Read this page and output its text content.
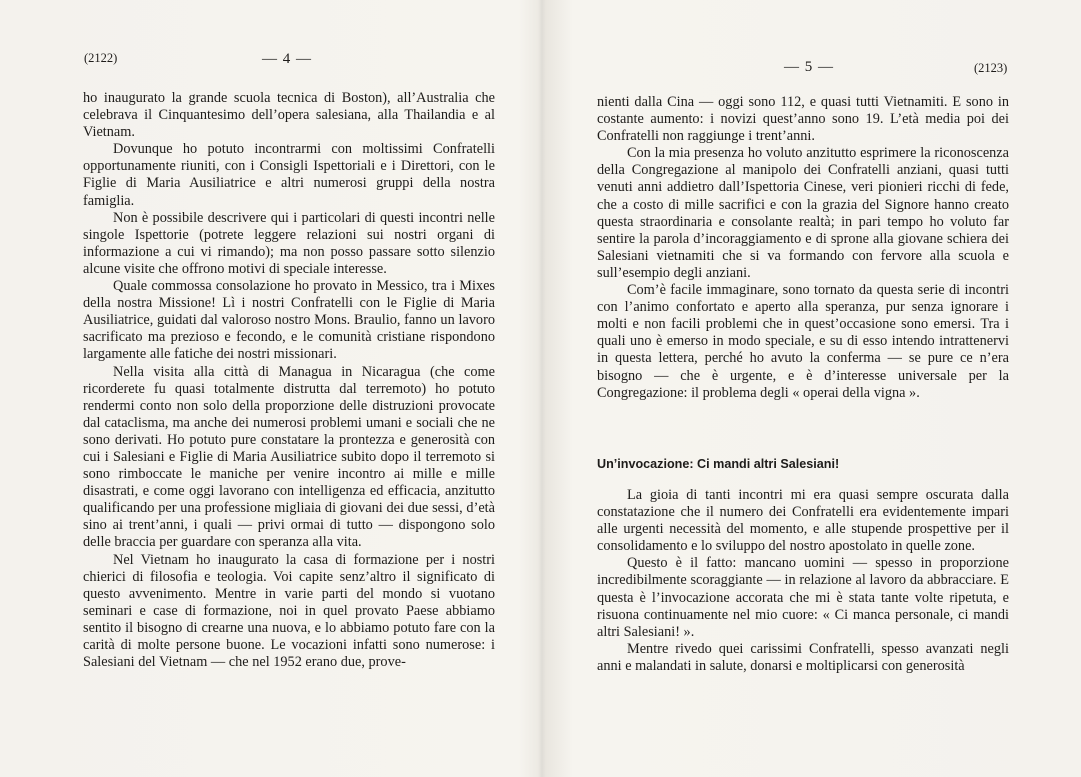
(2122)	— 4 —

ho inaugurato la grande scuola tecnica di Boston), all’Australia che celebrava il Cinquantesimo dell’opera salesiana, alla Thailandia e al Vietnam.

Dovunque ho potuto incontrarmi con moltissimi Confratelli opportunamente riuniti, con i Consigli Ispettoriali e i Direttori, con le Figlie di Maria Ausiliatrice e altri numerosi gruppi della nostra famiglia.

Non è possibile descrivere qui i particolari di questi incontri nelle singole Ispettorie (potrete leggere relazioni sui nostri organi di informazione a cui vi rimando); ma non posso passare sotto silenzio alcune visite che offrono motivi di speciale interesse.

Quale commossa consolazione ho provato in Messico, tra i Mixes della nostra Missione! Lì i nostri Confratelli con le Figlie di Maria Ausiliatrice, guidati dal valoroso nostro Mons. Braulio, fanno un lavoro sacrificato ma prezioso e fecondo, e le comunità cristiane rispondono largamente alle fatiche dei nostri missionari.

Nella visita alla città di Managua in Nicaragua (che come ricorderete fu quasi totalmente distrutta dal terremoto) ho potuto rendermi conto non solo della proporzione delle distruzioni provocate dal cataclisma, ma anche dei numerosi problemi umani e sociali che ne sono derivati. Ho potuto pure constatare la prontezza e generosità con cui i Salesiani e Figlie di Maria Ausiliatrice subito dopo il terremoto si sono rimboccate le maniche per venire incontro ai mille e mille disastrati, e come oggi lavorano con intelligenza ed efficacia, anzitutto qualificando per una professione migliaia di giovani dei due sessi, d’età sino ai trent’anni, i quali — privi ormai di tutto — dispongono solo delle braccia per guardare con speranza alla vita.

Nel Vietnam ho inaugurato la casa di formazione per i nostri chierici di filosofia e teologia. Voi capite senz’altro il significato di questo avvenimento. Mentre in varie parti del mondo si vuotano seminari e case di formazione, noi in quel provato Paese abbiamo sentito il bisogno di crearne una nuova, e lo abbiamo potuto fare con la carità di molte persone buone. Le vocazioni infatti sono numerose: i Salesiani del Vietnam — che nel 1952 erano due, prove-

— 5 —	(2123)

nienti dalla Cina — oggi sono 112, e quasi tutti Vietnamiti. E sono in costante aumento: i novizi quest’anno sono 19. L’età media poi dei Confratelli non raggiunge i trent’anni.

Con la mia presenza ho voluto anzitutto esprimere la riconoscenza della Congregazione al manipolo dei Confratelli anziani, quasi tutti venuti anni addietro dall’Ispettoria Cinese, veri pionieri ricchi di fede, che a costo di mille sacrifici e con la grazia del Signore hanno creato questa straordinaria e consolante realtà; in pari tempo ho voluto far sentire la parola d’incoraggiamento e di sprone alla giovane schiera dei Salesiani vietnamiti che si va formando con fervore alla scuola e sull’esempio degli anziani.

Com’è facile immaginare, sono tornato da questa serie di incontri con l’animo confortato e aperto alla speranza, pur senza ignorare i molti e non facili problemi che in quest’occasione sono emersi. Tra i quali uno è emerso in modo speciale, e su di esso intendo intrattenervi in questa lettera, perché ho avuto la conferma — se pure ce n’era bisogno — che è urgente, e è d’interesse universale per la Congregazione: il problema degli « operai della vigna ».

Un’invocazione: Ci mandi altri Salesiani!

La gioia di tanti incontri mi era quasi sempre oscurata dalla constatazione che il numero dei Confratelli era evidentemente impari alle urgenti necessità del momento, e alle stupende prospettive per il consolidamento e lo sviluppo del nostro apostolato in quelle zone.

Questo è il fatto: mancano uomini — spesso in proporzione incredibilmente scoraggiante — in relazione al lavoro da abbracciare. E questa è l’invocazione accorata che mi è stata tante volte ripetuta, e risuona continuamente nel mio cuore: « Ci manca personale, ci mandi altri Salesiani! ».

Mentre rivedo quei carissimi Confratelli, spesso avanzati negli anni e malandati in salute, donarsi e moltiplicarsi con generosità
